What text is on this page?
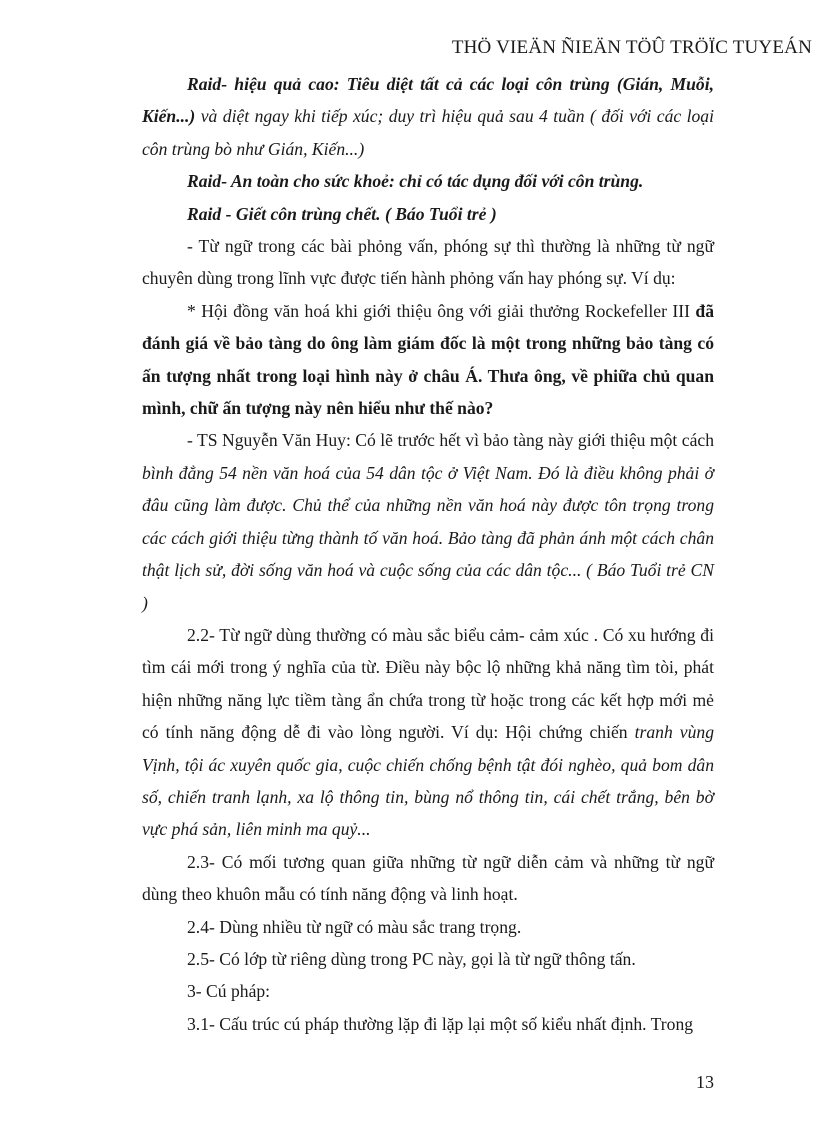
THÖ VIEÄN ÑIEÄN TÖÛ TRÖÏC TUYEÁN

Raid- hiệu quả cao: Tiêu diệt tất cả các loại côn trùng (Gián, Muỗi, Kiến...) và diệt ngay khi tiếp xúc; duy trì hiệu quả sau 4 tuần ( đối với các loại côn trùng bò như Gián, Kiến...)

Raid- An toàn cho sức khoẻ: chỉ có tác dụng đối với côn trùng.

Raid - Giết côn trùng chết. ( Báo Tuổi trẻ )

- Từ ngữ trong các bài phỏng vấn, phóng sự thì thường là những từ ngữ chuyên dùng trong lĩnh vực được tiến hành phỏng vấn hay phóng sự. Ví dụ:

* Hội đồng văn hoá khi giới thiệu ông với giải thưởng Rockefeller III đã đánh giá về bảo tàng do ông làm giám đốc là một trong những bảo tàng có ấn tượng nhất trong loại hình này ở châu Á. Thưa ông, về phiữa chủ quan mình, chữ ấn tượng này nên hiểu như thế nào?

- TS Nguyễn Văn Huy: Có lẽ trước hết vì bảo tàng này giới thiệu một cách bình đẳng 54 nền văn hoá của 54 dân tộc ở Việt Nam. Đó là điều không phải ở đâu cũng làm được. Chủ thể của những nền văn hoá này được tôn trọng trong các cách giới thiệu từng thành tố văn hoá. Bảo tàng đã phản ánh một cách chân thật lịch sử, đời sống văn hoá và cuộc sống của các dân tộc... ( Báo Tuổi trẻ CN )

2.2- Từ ngữ dùng thường có màu sắc biểu cảm- cảm xúc . Có xu hướng đi tìm cái mới trong ý nghĩa của từ. Điều này bộc lộ những khả năng tìm tòi, phát hiện những năng lực tiềm tàng ẩn chứa trong từ hoặc trong các kết hợp mới mẻ có tính năng động dễ đi vào lòng người. Ví dụ: Hội chứng chiến tranh vùng Vịnh, tội ác xuyên quốc gia, cuộc chiến chống bệnh tật đói nghèo, quả bom dân số, chiến tranh lạnh, xa lộ thông tin, bùng nổ thông tin, cái chết trắng, bên bờ vực phá sản, liên minh ma quỷ...

2.3- Có mối tương quan giữa những từ ngữ diễn cảm và những từ ngữ dùng theo khuôn mẫu có tính năng động và linh hoạt.

2.4- Dùng nhiều từ ngữ có màu sắc trang trọng.

2.5- Có lớp từ riêng dùng trong PC này, gọi là từ ngữ thông tấn.

3- Cú pháp:

3.1- Cấu trúc cú pháp thường lặp đi lặp lại một số kiểu nhất định. Trong

13
